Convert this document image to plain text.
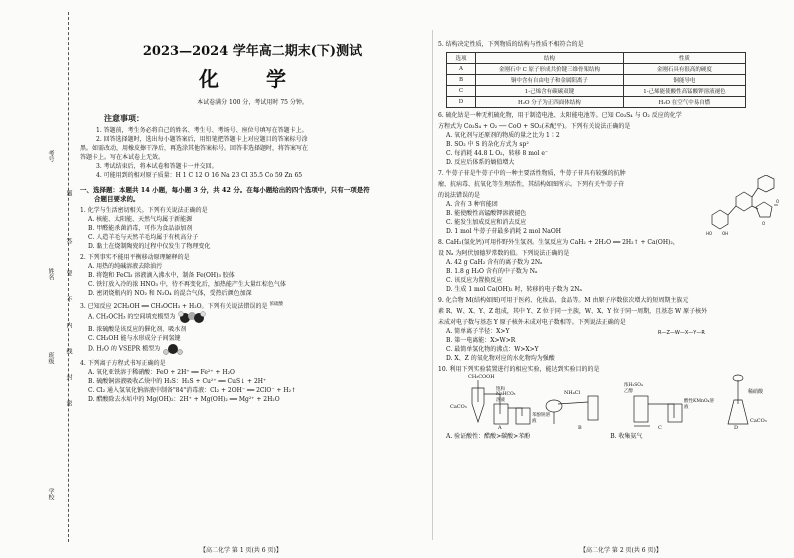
考号
姓名
班级
学校
题
答
要
不
内
线
封
密
2023—2024 学年高二期末(下)测试
化 学
本试卷满分 100 分，考试用时 75 分钟。
注意事项：

1. 答题前，考生务必将自己的姓名、考生号、考场号、座位号填写在答题卡上。

2. 回答选择题时，选出每小题答案后，用铅笔把答题卡上对应题目的答案标号涂

黑。如需改动，用橡皮擦干净后，再选涂其他答案标号。回答非选择题时，将答案写在

答题卡上。写在本试卷上无效。

3. 考试结束后，将本试卷和答题卡一并交回。

4. 可能用到的相对原子质量：H 1 C 12 O 16 Na 23 Cl 35.5 Co 59 Zn 65

一、选择题：本题共 14 小题，每小题 3 分，共 42 分。在每小题给出的四个选项中，只有一项是符
合题目要求的。
1. 化学与生活密切相关。下列有关说法正确的是
A. 核能、太阳能、天然气均属于新能源
B. 甲醛能杀菌消毒，可作为食品添加剂
C. 人造羊毛与天然羊毛均属于有机高分子
D. 黏土在烧制陶瓷的过程中仅发生了物理变化
2. 下列事实不能用平衡移动原理解释的是
A. 用热的纯碱溶液去除油污
B. 将饱和 FeCl₃ 溶液滴入沸水中，制备 Fe(OH)₃ 胶体
C. 铁钉放入冷的浓 HNO₃ 中，待不再变化后，加热能产生大量红棕色气体
D. 密闭烧瓶内的 NO₂ 和 N₂O₄ 的混合气体，受热后颜色加深
3. 已知反应 2CH₃OH ══ CH₃OCH₃ + H₂O。下列有关说法错误的是 $^{浓硫酸}$
A. CH₃OCH₃ 的空间填充模型为
B. 浓硫酸是该反应的催化剂、吸水剂
C. CH₃OH 能与水形成分子间氢键
D. H₂O 的 VSEPR 模型为
4. 下列离子方程式书写正确的是
A. 氧化亚铁溶于稀硝酸：FeO + 2H⁺ ══ Fe²⁺ + H₂O
B. 硫酸铜溶液吸收乙炔中的 H₂S：H₂S + Cu²⁺ ══ CuS↓ + 2H⁺
C. Cl₂ 通入氢氧化钠溶液中制备"84"消毒液：Cl₂ + 2OH⁻ ══ 2ClO⁻ + H₂↑
D. 醋酸除去水垢中的 Mg(OH)₂：2H⁺ + Mg(OH)₂ ══ Mg²⁺ + 2H₂O
【高二化学 第 1 页(共 6 页)】
5. 结构决定性质，下列物质的结构与性质不相符合的是
选项	结构	性质
A	金刚石中 C 原子形成共价键三维骨架结构	金刚石具有很高的硬度
B	铜中含有自由电子和金属阳离子	铜能导电
C	1-己烯含有碳碳双键	1-己烯能使酸性高锰酸钾溶液褪色
D	H₂O 分子为正四面体结构	H₂O 在空气中易自燃
6. 硫化钴是一种无机硫化物，用于制造电池、太阳能电池等。已知 Co₃S₄ 与 O₂ 反应的化学
方程式为 Co₃S₄ + O₂ ── CoO + SO₂(未配平)。下列有关说法正确的是
A. 氧化剂与还原剂的物质的量之比为 1∶2
B. SO₂ 中 S 的杂化方式为 sp²
C. 每消耗 44.8 L O₂，转移 8 mol e⁻
D. 反应后体系的熵值增大
7. 牛蒡子苷是牛蒡子中的一种主要活性物质，牛蒡子苷具有较强的抗肿
瘤、抗病毒、抗氧化等生理活性，其结构如图所示。下列有关牛蒡子苷
的说法错误的是
A. 含有 3 种官能团
B. 能使酸性高锰酸钾溶液褪色
C. 能发生加成反应和消去反应
D. 1 mol 牛蒡子苷最多消耗 2 mol NaOH	HO OH
O
O
8. CaH₂(氢化钙)可用作野外生氢剂。生氢反应为 CaH₂ + 2H₂O ══ 2H₂↑ + Ca(OH)₂，
设 Nₐ 为阿伏加德罗常数的值。下列说法正确的是
A. 42 g CaH₂ 含有的离子数为 2Nₐ
B. 1.8 g H₂O 含有的中子数为 Nₐ
C. 该反应为置换反应
D. 生成 1 mol Ca(OH)₂ 时，转移的电子数为 2Nₐ
9. 化合物 M(结构如图)可用于医药、化妆品、食品等。M 由原子序数依次增大的短周期主族元
素 R、W、X、Y、Z 组成，其中 Y、Z 位于同一主族，W、X、Y 位于同一周期，且基态 W 原子核外
未成对电子数与基态 Y 原子核外未成对电子数相等。下列说法正确的是
A. 简单离子半径：X>Y
B. 第一电离能：X>W>R
C. 最简单氢化物的沸点：W>X>Y
D. X、Z 的氧化物对应的水化物均为强酸
R—Z—W—X—Y—R
10. 利用下列实验装置进行的相应实验，能达到实验目的的是
CH₃COOH
CaCO₃
饱和NaHCO₃溶液
苯酚钠溶液
NH₄Cl
浓H₂SO₄ 乙醇
酸性KMnO₄溶液
稀硝酸
CaCO₃
A	B	C	D
A. 验证酸性：醋酸>碳酸>苯酚	B. 收集氨气
【高二化学 第 2 页(共 6 页)】
